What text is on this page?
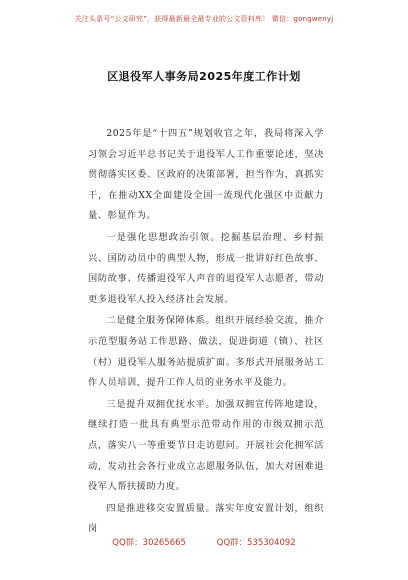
关注头条号“公文研究”，获得最新最全最专业的公文资料库！ 微信：gongwenyj
区退役军人事务局2025年度工作计划

2025年是“十四五”规划收官之年，我局将深入学习领会习近平总书记关于退役军人工作重要论述，坚决贯彻落实区委、区政府的决策部署，担当作为，真抓实干，在推动XX全面建设全国一流现代化强区中贡献力量、彰显作为。

一是强化思想政治引领。挖掘基层治理、乡村振兴、国防动员中的典型人物，形成一批讲好红色故事、国防故事、传播退役军人声音的退役军人志愿者，带动更多退役军人投入经济社会发展。

二是健全服务保障体系。组织开展经验交流，推介示范型服务站工作思路、做法，促进街道（镇）、社区（村）退役军人服务站提质扩面。多形式开展服务站工作人员培训，提升工作人员的业务水平及能力。

三是提升双拥优抚水平。加强双拥宣传阵地建设，继续打造一批具有典型示范带动作用的市级双拥示范点，落实八一等重要节日走访慰问。开展社会化拥军活动，发动社会各行业成立志愿服务队伍，加大对困难退役军人帮扶援助力度。

四是推进移交安置质量。落实年度安置计划，组织岗

QQ群：30265665	QQ群：535304092
